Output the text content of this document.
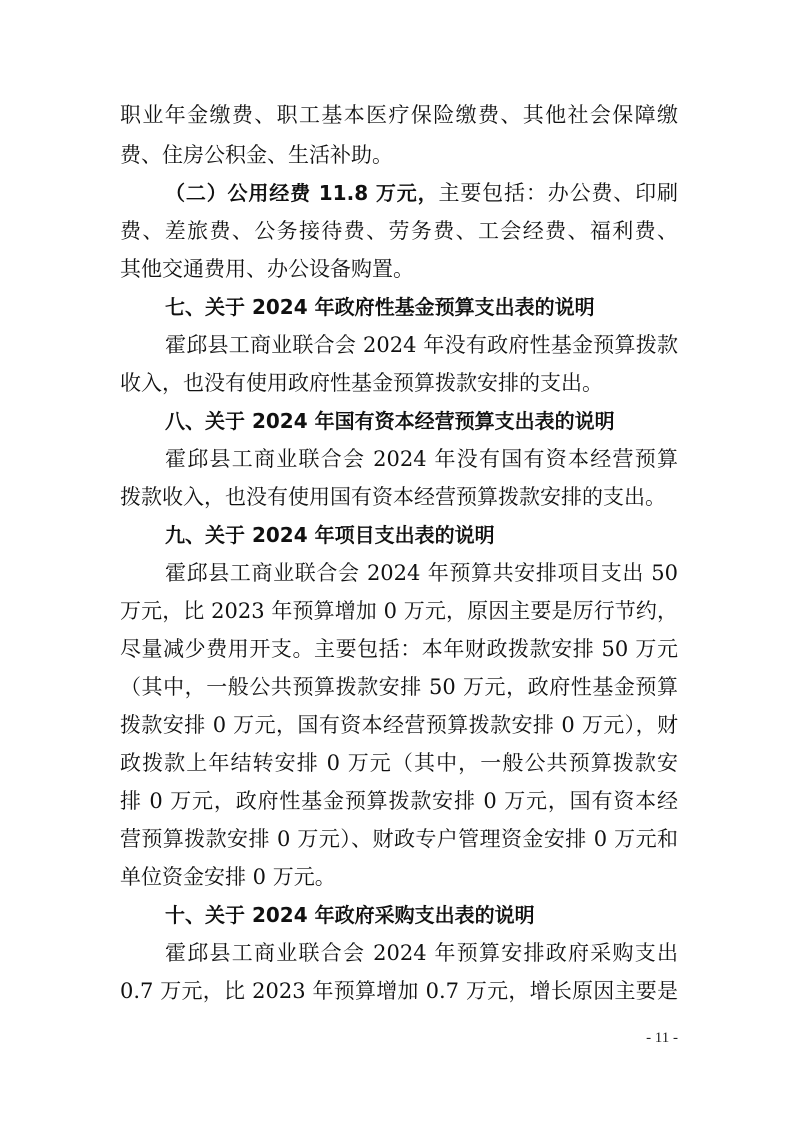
职业年金缴费、职工基本医疗保险缴费、其他社会保障缴
费、住房公积金、生活补助。
（二）公用经费 11.8 万元，主要包括：办公费、印刷
费、差旅费、公务接待费、劳务费、工会经费、福利费、
其他交通费用、办公设备购置。
七、关于 2024 年政府性基金预算支出表的说明
霍邱县工商业联合会 2024 年没有政府性基金预算拨款
收入，也没有使用政府性基金预算拨款安排的支出。
八、关于 2024 年国有资本经营预算支出表的说明
霍邱县工商业联合会 2024 年没有国有资本经营预算
拨款收入，也没有使用国有资本经营预算拨款安排的支出。
九、关于 2024 年项目支出表的说明
霍邱县工商业联合会 2024 年预算共安排项目支出 50
万元，比 2023 年预算增加 0 万元，原因主要是厉行节约，
尽量减少费用开支。主要包括：本年财政拨款安排 50 万元
（其中，一般公共预算拨款安排 50 万元，政府性基金预算
拨款安排 0 万元，国有资本经营预算拨款安排 0 万元），财
政拨款上年结转安排 0 万元（其中，一般公共预算拨款安
排 0 万元，政府性基金预算拨款安排 0 万元，国有资本经
营预算拨款安排 0 万元）、财政专户管理资金安排 0 万元和
单位资金安排 0 万元。
十、关于 2024 年政府采购支出表的说明
霍邱县工商业联合会 2024 年预算安排政府采购支出
0.7 万元，比 2023 年预算增加 0.7 万元，增长原因主要是
- 11 -
